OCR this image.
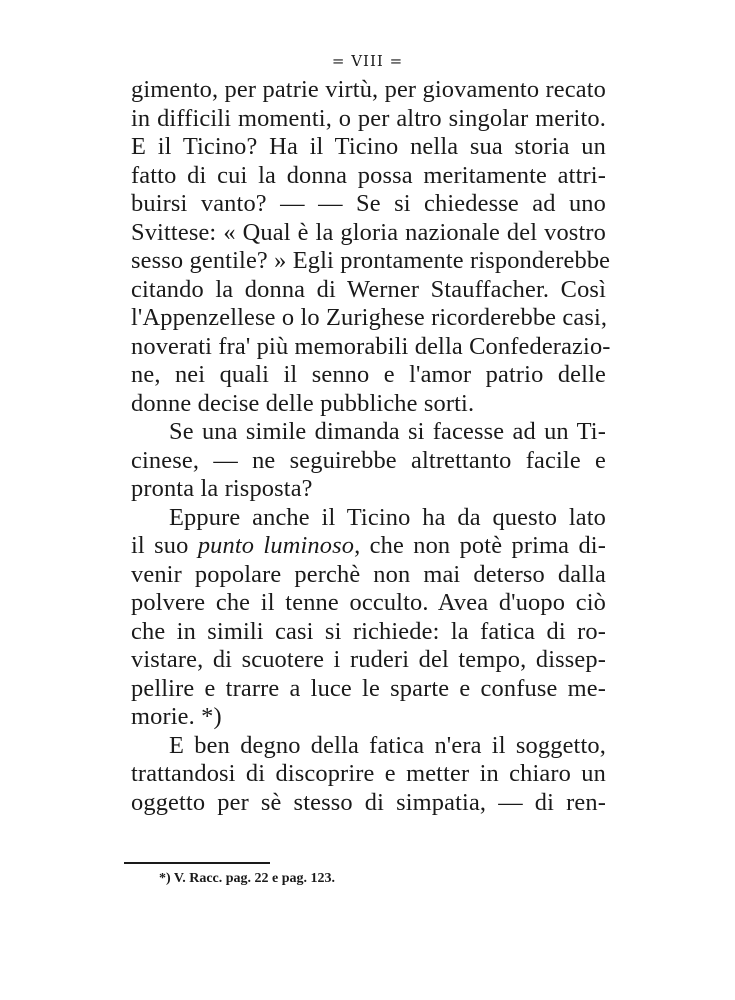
= VIII =
gimento, per patrie virtù, per giovamento recato
in difficili momenti, o per altro singolar merito.
E il Ticino? Ha il Ticino nella sua storia un
fatto di cui la donna possa meritamente attri-
buirsi vanto? — — Se si chiedesse ad uno
Svittese: « Qual è la gloria nazionale del vostro
sesso gentile? » Egli prontamente risponderebbe
citando la donna di Werner Stauffacher. Così
l'Appenzellese o lo Zurighese ricorderebbe casi,
noverati fra' più memorabili della Confederazio-
ne, nei quali il senno e l'amor patrio delle
donne decise delle pubbliche sorti.
Se una simile dimanda si facesse ad un Ti-
cinese, — ne seguirebbe altrettanto facile e
pronta la risposta?
Eppure anche il Ticino ha da questo lato
il suo punto luminoso, che non potè prima di-
venir popolare perchè non mai deterso dalla
polvere che il tenne occulto. Avea d'uopo ciò
che in simili casi si richiede: la fatica di ro-
vistare, di scuotere i ruderi del tempo, dissep-
pellire e trarre a luce le sparte e confuse me-
morie. *)
E ben degno della fatica n'era il soggetto,
trattandosi di discoprire e metter in chiaro un
oggetto per sè stesso di simpatia, — di ren-
*) V. Racc. pag. 22 e pag. 123.
